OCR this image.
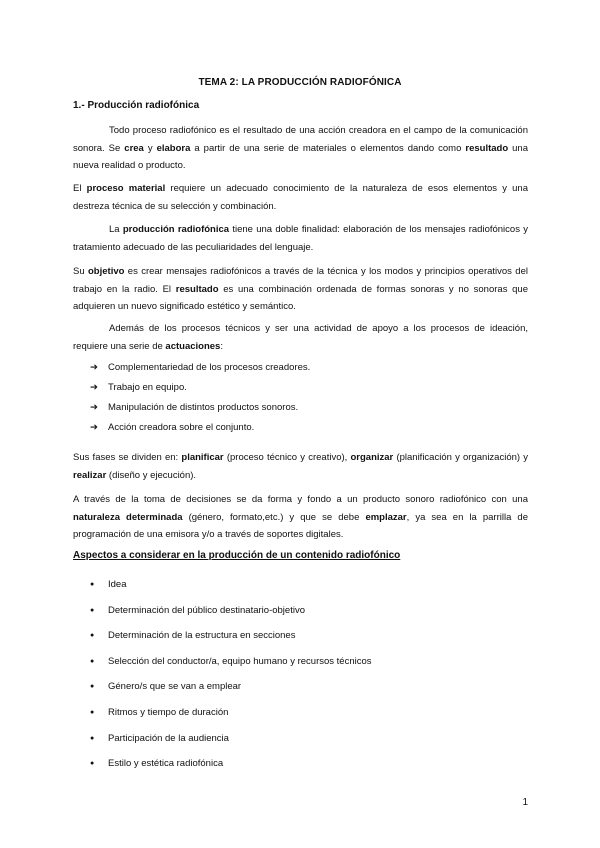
TEMA 2: LA PRODUCCIÓN RADIOFÓNICA
1.- Producción radiofónica
Todo proceso radiofónico es el resultado de una acción creadora en el campo de la comunicación sonora. Se crea y elabora a partir de una serie de materiales o elementos dando como resultado una nueva realidad o producto.
El proceso material requiere un adecuado conocimiento de la naturaleza de esos elementos y una destreza técnica de su selección y combinación.
La producción radiofónica tiene una doble finalidad: elaboración de los mensajes radiofónicos y tratamiento adecuado de las peculiaridades del lenguaje.
Su objetivo es crear mensajes radiofónicos a través de la técnica y los modos y principios operativos del trabajo en la radio. El resultado es una combinación ordenada de formas sonoras y no sonoras que adquieren un nuevo significado estético y semántico.
Además de los procesos técnicos y ser una actividad de apoyo a los procesos de ideación, requiere una serie de actuaciones:
➔ Complementariedad de los procesos creadores.
➔ Trabajo en equipo.
➔ Manipulación de distintos productos sonoros.
➔ Acción creadora sobre el conjunto.
Sus fases se dividen en: planificar (proceso técnico y creativo), organizar (planificación y organización) y realizar (diseño y ejecución).
A través de la toma de decisiones se da forma y fondo a un producto sonoro radiofónico con una naturaleza determinada (género, formato,etc.) y que se debe emplazar, ya sea en la parrilla de programación de una emisora y/o a través de soportes digitales.
Aspectos a considerar en la producción de un contenido radiofónico
● Idea
● Determinación del público destinatario-objetivo
● Determinación de la estructura en secciones
● Selección del conductor/a, equipo humano y recursos técnicos
● Género/s que se van a emplear
● Ritmos y tiempo de duración
● Participación de la audiencia
● Estilo y estética radiofónica
1
